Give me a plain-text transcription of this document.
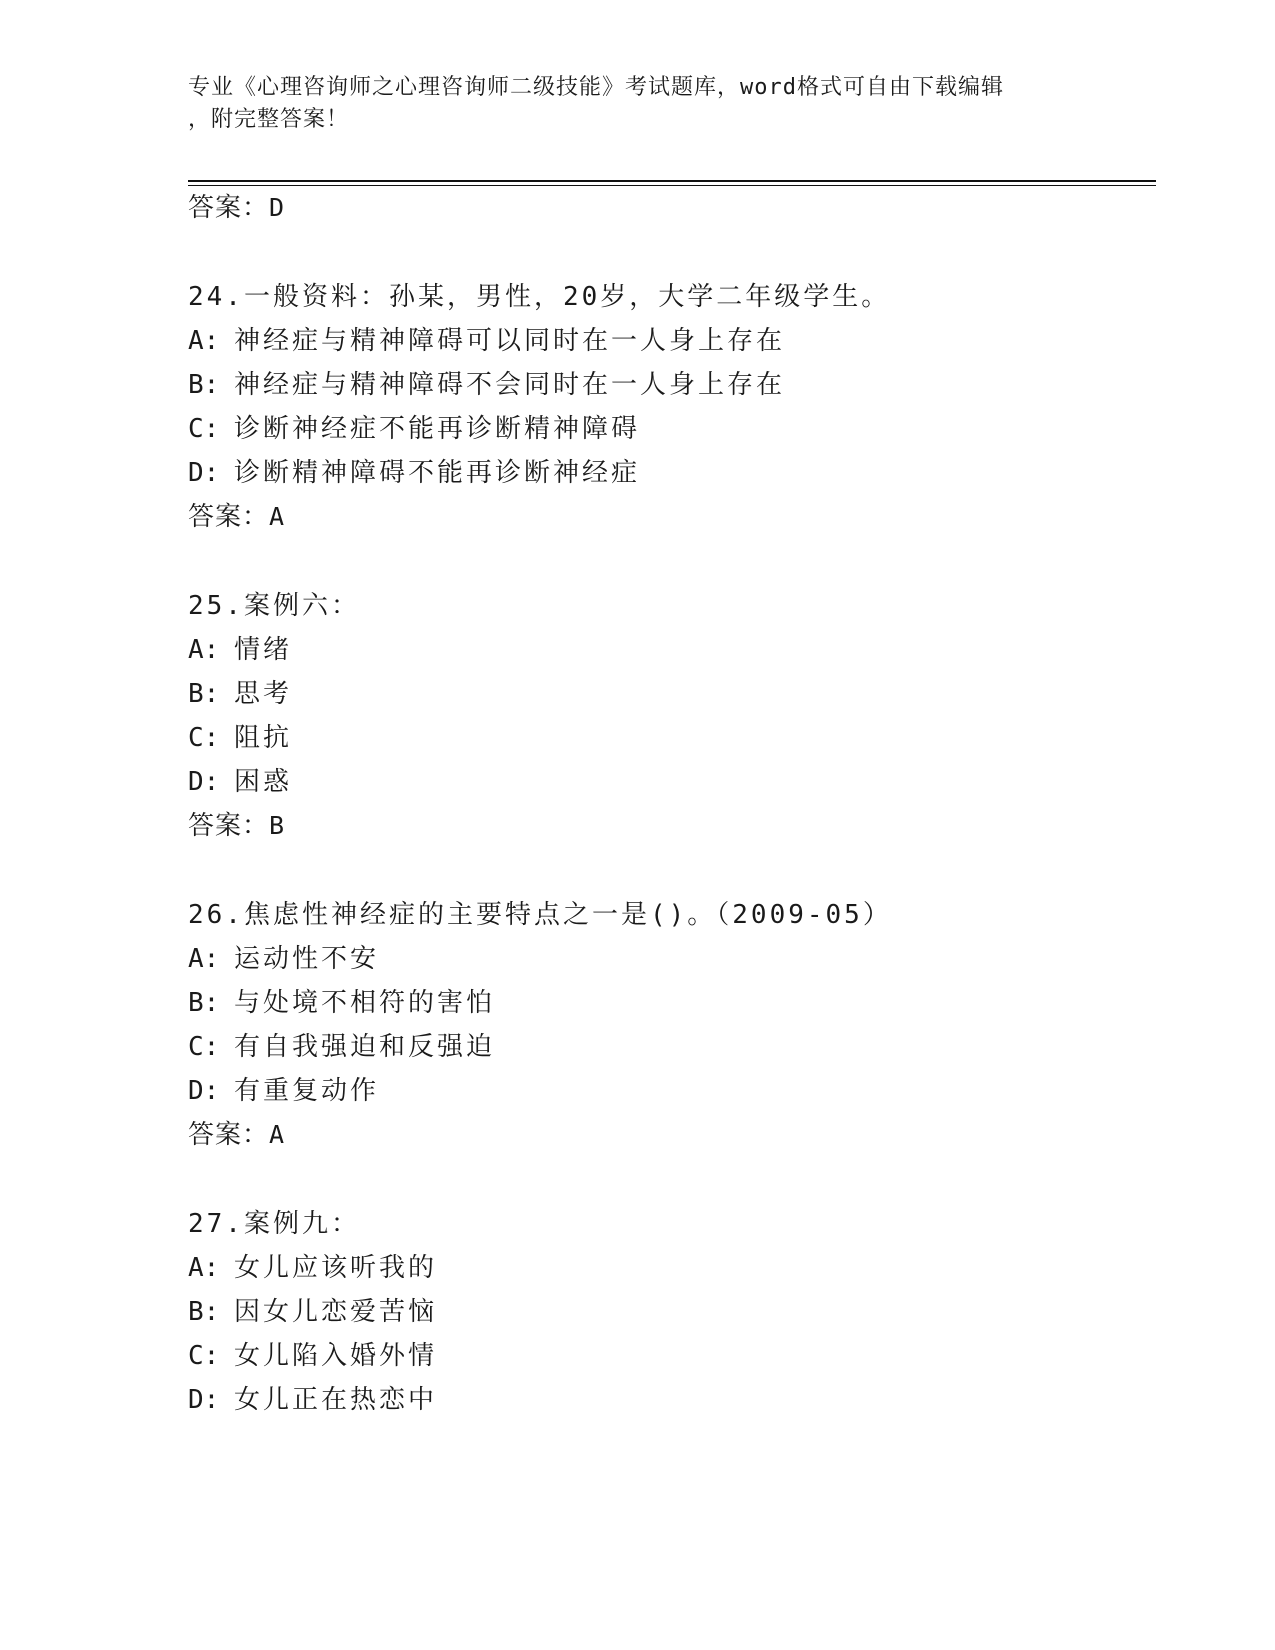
专业《心理咨询师之心理咨询师二级技能》考试题库，word格式可自由下载编辑
，附完整答案！
答案：D
24.一般资料：孙某，男性，20岁，大学二年级学生。
A: 神经症与精神障碍可以同时在一人身上存在
B: 神经症与精神障碍不会同时在一人身上存在
C: 诊断神经症不能再诊断精神障碍
D: 诊断精神障碍不能再诊断神经症
答案：A
25.案例六：
A: 情绪
B: 思考
C: 阻抗
D: 困惑
答案：B
26.焦虑性神经症的主要特点之一是()。（2009-05）
A: 运动性不安
B: 与处境不相符的害怕
C: 有自我强迫和反强迫
D: 有重复动作
答案：A
27.案例九：
A: 女儿应该听我的
B: 因女儿恋爱苦恼
C: 女儿陷入婚外情
D: 女儿正在热恋中
